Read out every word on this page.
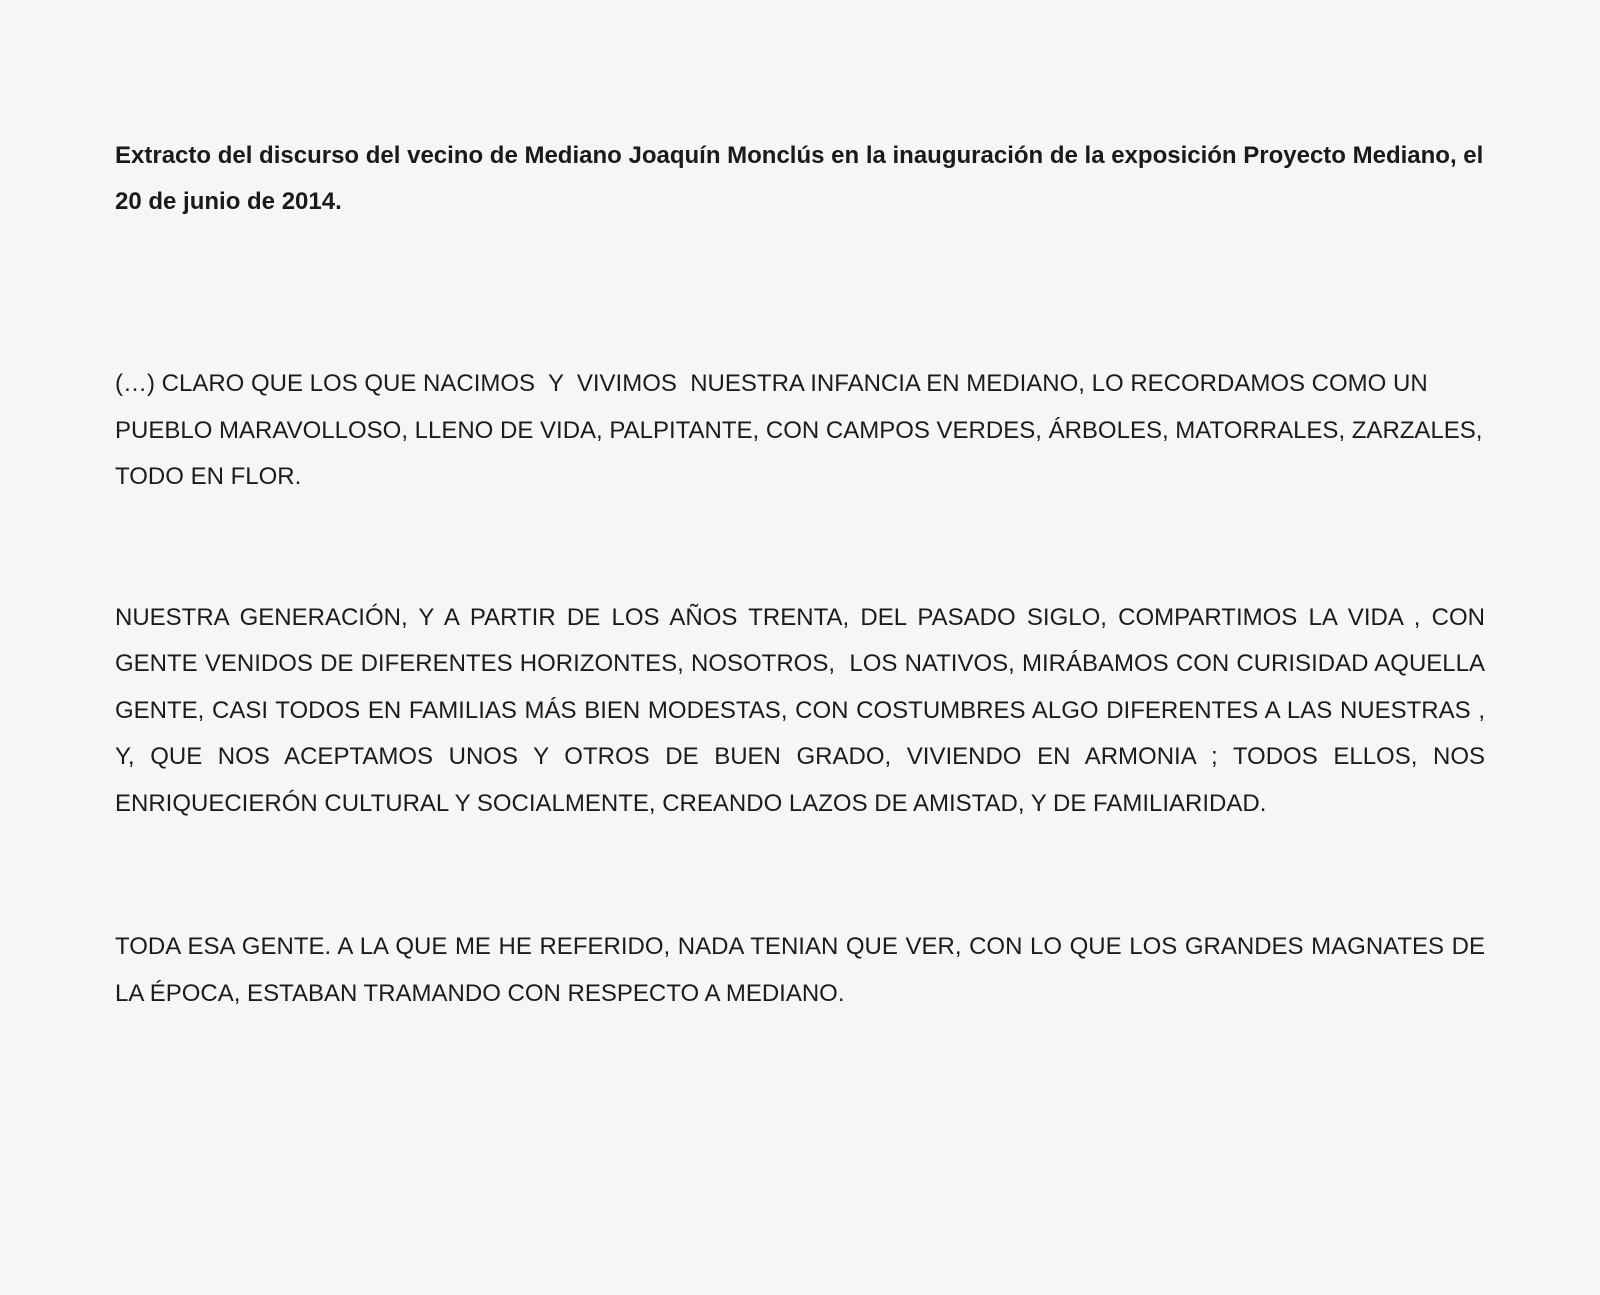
Extracto del discurso del vecino de Mediano Joaquín Monclús en la inauguración de la exposición Proyecto Mediano, el 20 de junio de 2014.

(…) CLARO QUE LOS QUE NACIMOS  Y  VIVIMOS  NUESTRA INFANCIA EN MEDIANO, LO RECORDAMOS COMO UN PUEBLO MARAVOLLOSO, LLENO DE VIDA, PALPITANTE, CON CAMPOS VERDES, ÁRBOLES, MATORRALES, ZARZALES, TODO EN FLOR.

NUESTRA GENERACIÓN, Y A PARTIR DE LOS AÑOS TRENTA, DEL PASADO SIGLO, COMPARTIMOS LA VIDA , CON GENTE VENIDOS DE DIFERENTES HORIZONTES, NOSOTROS,  LOS NATIVOS, MIRÁBAMOS CON CURISIDAD AQUELLA GENTE, CASI TODOS EN FAMILIAS MÁS BIEN MODESTAS, CON COSTUMBRES ALGO DIFERENTES A LAS NUESTRAS , Y, QUE NOS ACEPTAMOS UNOS Y OTROS DE BUEN GRADO, VIVIENDO EN ARMONIA ; TODOS ELLOS, NOS ENRIQUECIERÓN CULTURAL Y SOCIALMENTE, CREANDO LAZOS DE AMISTAD, Y DE FAMILIARIDAD.

TODA ESA GENTE. A LA QUE ME HE REFERIDO, NADA TENIAN QUE VER, CON LO QUE LOS GRANDES MAGNATES DE LA ÉPOCA, ESTABAN TRAMANDO CON RESPECTO A MEDIANO.
